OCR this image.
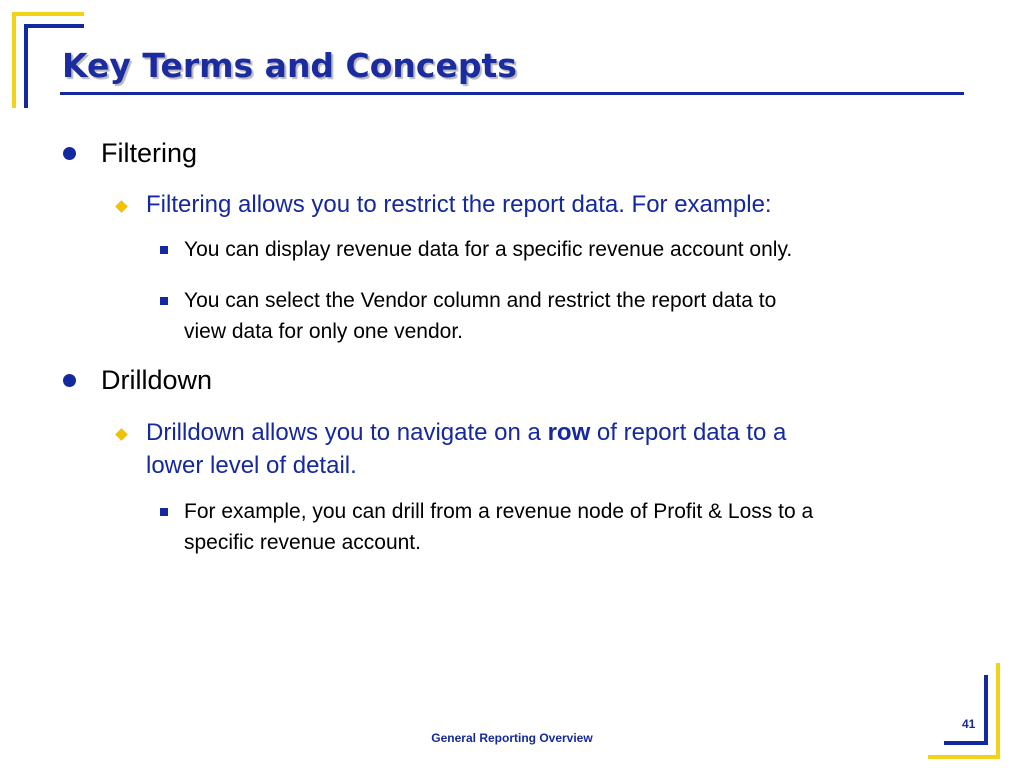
Key Terms and Concepts
Filtering
Filtering allows you to restrict the report data. For example:
You can display revenue data for a specific revenue account only.
You can select the Vendor column and restrict the report data to
view data for only one vendor.
Drilldown
Drilldown allows you to navigate on a row of report data to a
lower level of detail.
For example, you can drill from a revenue node of Profit & Loss to a
specific revenue account.
General Reporting Overview
41
